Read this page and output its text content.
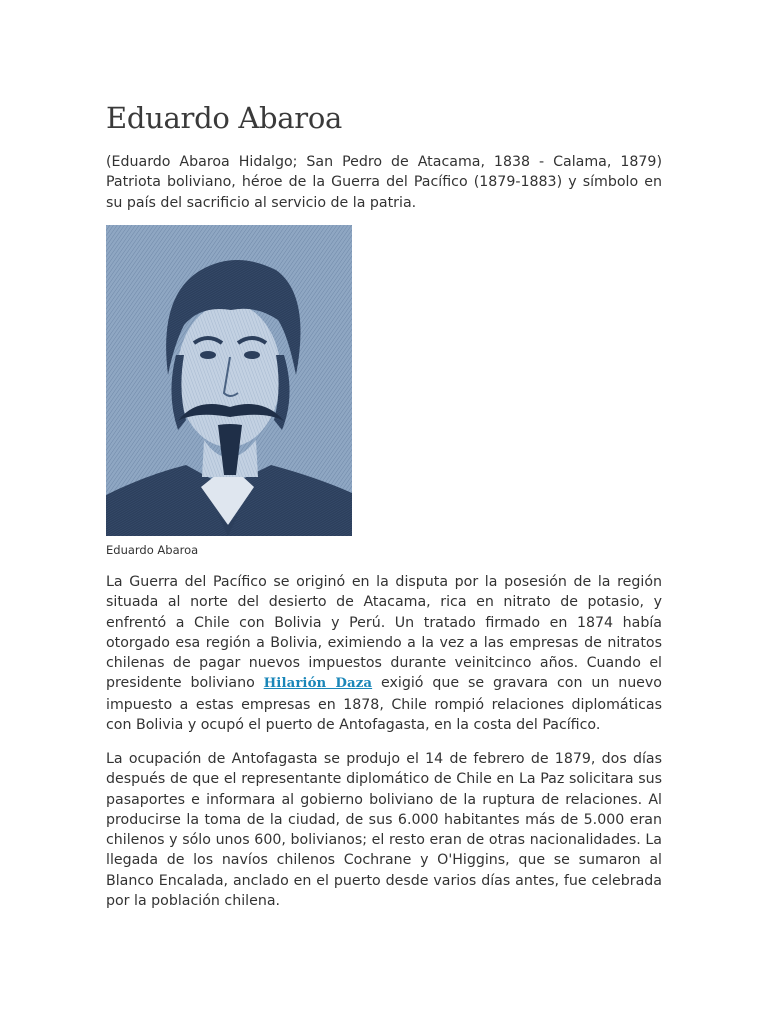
Eduardo Abaroa

(Eduardo Abaroa Hidalgo; San Pedro de Atacama, 1838 - Calama, 1879) Patriota boliviano, héroe de la Guerra del Pacífico (1879-1883) y símbolo en su país del sacrificio al servicio de la patria.

Eduardo Abaroa

La Guerra del Pacífico se originó en la disputa por la posesión de la región situada al norte del desierto de Atacama, rica en nitrato de potasio, y enfrentó a Chile con Bolivia y Perú. Un tratado firmado en 1874 había otorgado esa región a Bolivia, eximiendo a la vez a las empresas de nitratos chilenas de pagar nuevos impuestos durante veinitcinco años. Cuando el presidente boliviano Hilarión Daza exigió que se gravara con un nuevo impuesto a estas empresas en 1878, Chile rompió relaciones diplomáticas con Bolivia y ocupó el puerto de Antofagasta, en la costa del Pacífico.

La ocupación de Antofagasta se produjo el 14 de febrero de 1879, dos días después de que el representante diplomático de Chile en La Paz solicitara sus pasaportes e informara al gobierno boliviano de la ruptura de relaciones. Al producirse la toma de la ciudad, de sus 6.000 habitantes más de 5.000 eran chilenos y sólo unos 600, bolivianos; el resto eran de otras nacionalidades. La llegada de los navíos chilenos Cochrane y O'Higgins, que se sumaron al Blanco Encalada, anclado en el puerto desde varios días antes, fue celebrada por la población chilena.
